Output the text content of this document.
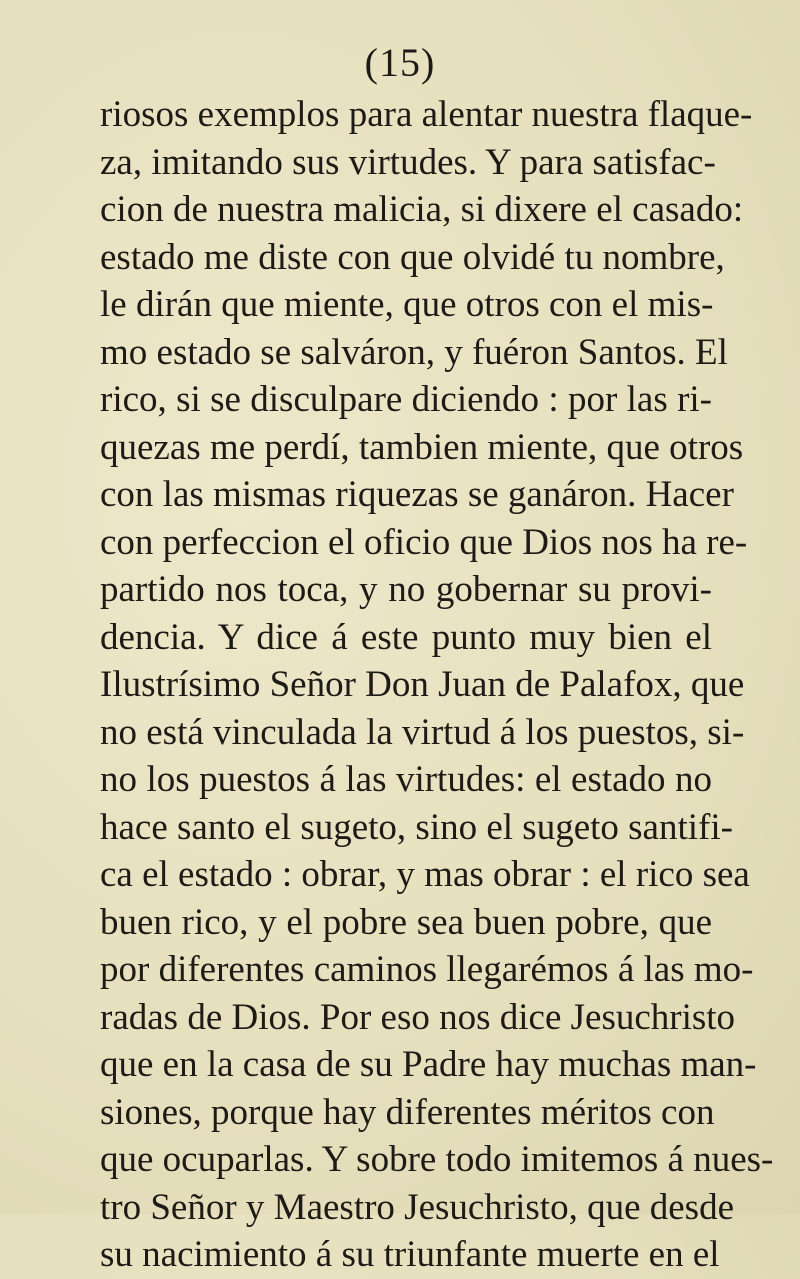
(15)
riosos exemplos para alentar nuestra flaque-
za, imitando sus virtudes. Y para satisfac-
cion de nuestra malicia, si dixere el casado:
estado me diste con que olvidé tu nombre,
le dirán que miente, que otros con el mis-
mo estado se salváron, y fuéron Santos. El
rico, si se disculpare diciendo : por las ri-
quezas me perdí, tambien miente, que otros
con las mismas riquezas se ganáron. Hacer
con perfeccion el oficio que Dios nos ha re-
partido nos toca, y no gobernar su provi-
dencia. Y dice á este punto muy bien el
Ilustrísimo Señor Don Juan de Palafox, que
no está vinculada la virtud á los puestos, si-
no los puestos á las virtudes: el estado no
hace santo el sugeto, sino el sugeto santifi-
ca el estado : obrar, y mas obrar : el rico sea
buen rico, y el pobre sea buen pobre, que
por diferentes caminos llegarémos á las mo-
radas de Dios. Por eso nos dice Jesuchristo
que en la casa de su Padre hay muchas man-
siones, porque hay diferentes méritos con
que ocuparlas. Y sobre todo imitemos á nues-
tro Señor y Maestro Jesuchristo, que desde
su nacimiento á su triunfante muerte en el
